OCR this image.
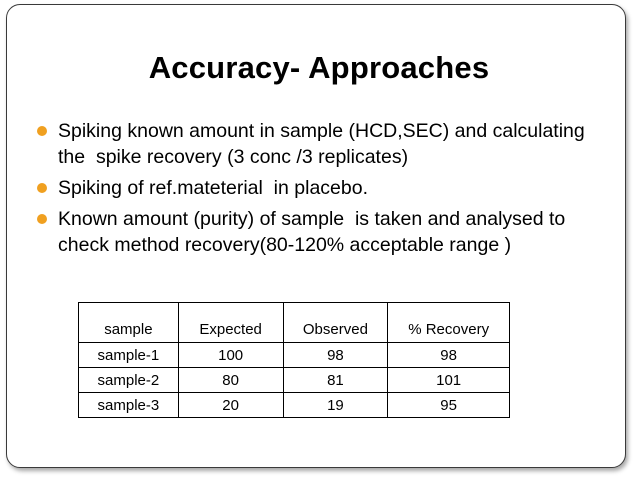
Accuracy- Approaches
Spiking known amount in sample (HCD,SEC) and calculating the  spike recovery (3 conc /3 replicates)
Spiking of ref.mateterial  in placebo.
Known amount (purity) of sample  is taken and analysed to check method recovery(80-120% acceptable range )
sample	Expected	Observed	% Recovery
sample-1	100	98	98
sample-2	80	81	101
sample-3	20	19	95
